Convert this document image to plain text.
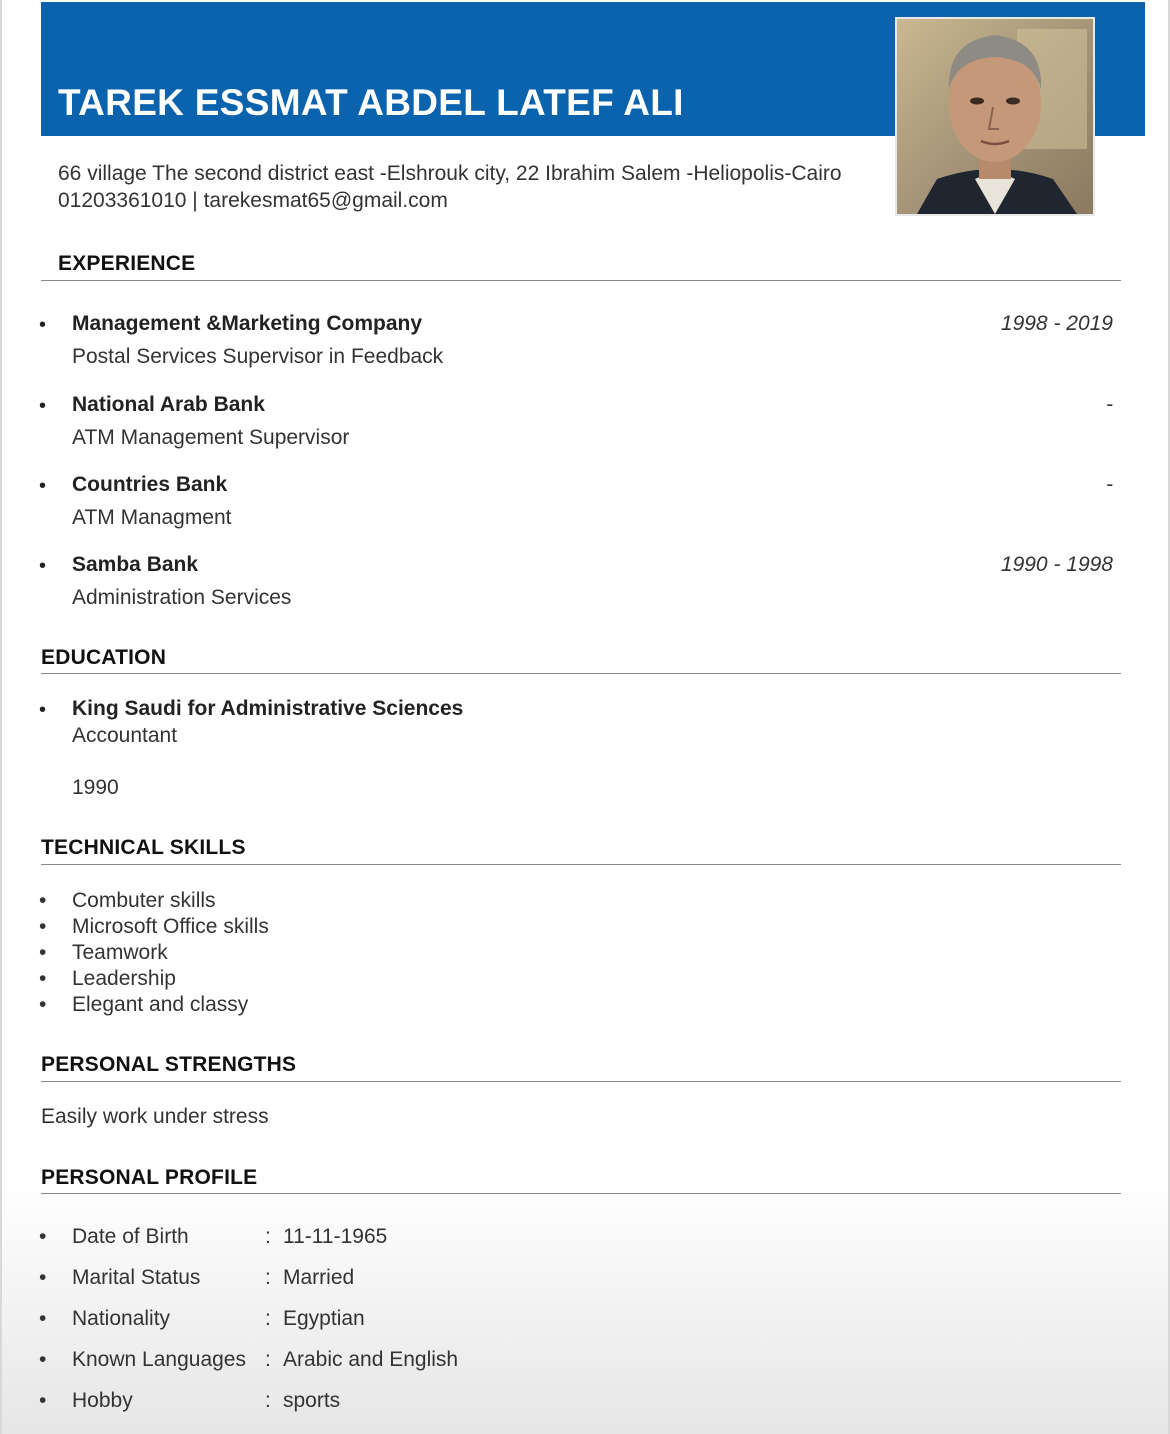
TAREK ESSMAT ABDEL LATEF ALI
66 village The second district east -Elshrouk city, 22 Ibrahim Salem -Heliopolis-Cairo
01203361010 | tarekesmat65@gmail.com
EXPERIENCE
• Management &Marketing Company	1998 - 2019
Postal Services Supervisor in Feedback
• National Arab Bank	-
ATM Management Supervisor
• Countries Bank	-
ATM Managment
• Samba Bank	1990 - 1998
Administration Services
EDUCATION
• King Saudi for Administrative Sciences
Accountant
1990
TECHNICAL SKILLS
• Combuter skills
• Microsoft Office skills
• Teamwork
• Leadership
• Elegant and classy
PERSONAL STRENGTHS
Easily work under stress
PERSONAL PROFILE
• Date of Birth	: 11-11-1965
• Marital Status	: Married
• Nationality	: Egyptian
• Known Languages : Arabic and English
• Hobby	: sports
